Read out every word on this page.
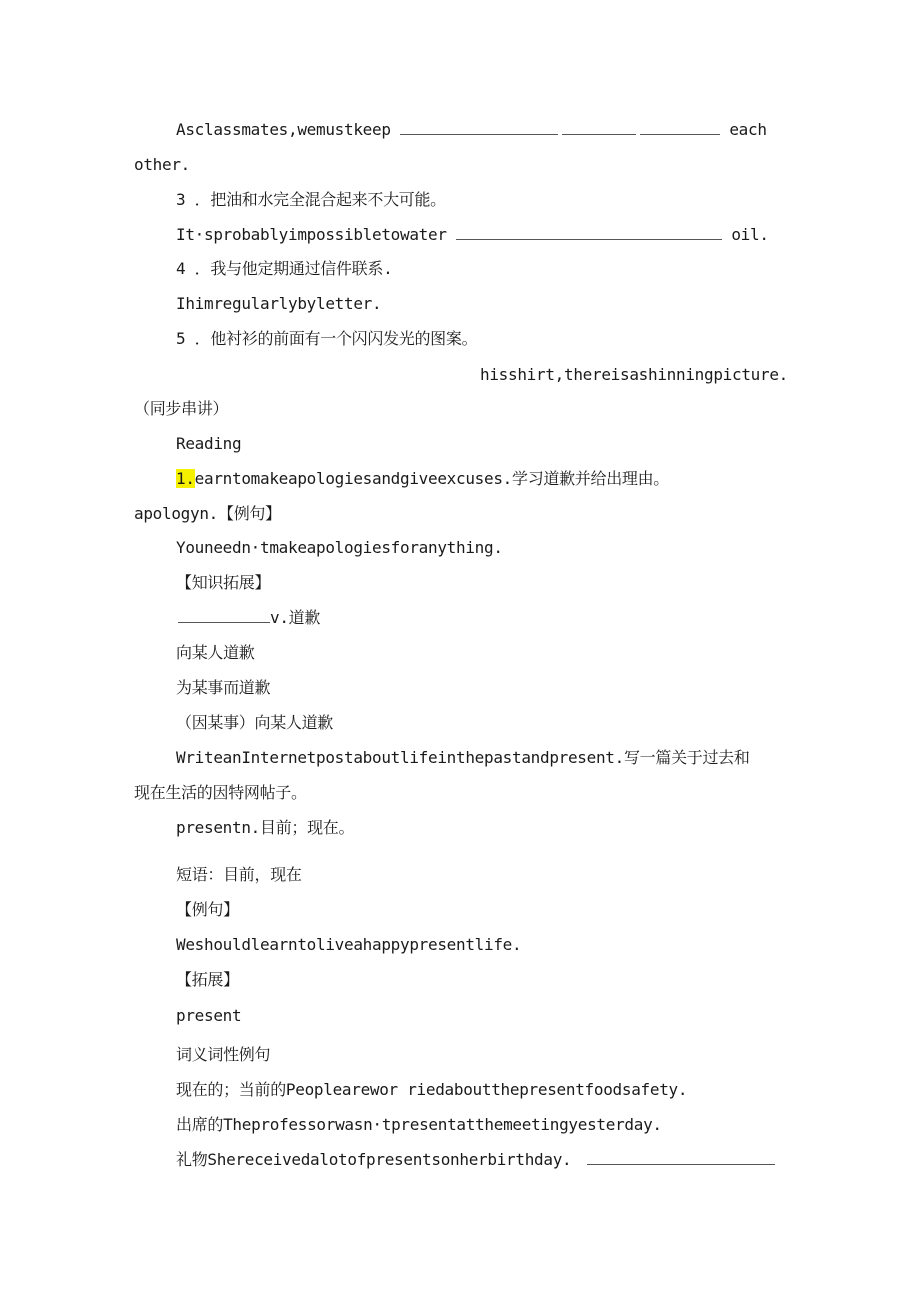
Asclassmates,wemustkeep	each
other.
3 ．把油和水完全混合起来不大可能。
It·sprobablyimpossibletowater	oil.
4 ．我与他定期通过信件联系.
Ihimregularlybyletter.
5 ．他衬衫的前面有一个闪闪发光的图案。
hisshirt,thereisashinningpicture.
（同步串讲）
Reading
1.earntomakeapologiesandgiveexcuses.学习道歉并给出理由。
apologyn.【例句】
Youneedn·tmakeapologiesforanything.
【知识拓展】
v.道歉
向某人道歉
为某事而道歉
（因某事）向某人道歉
WriteanInternetpostaboutlifeinthepastandpresent.写一篇关于过去和
现在生活的因特网帖子。
presentn.目前；现在。
短语：目前，现在
【例句】
Weshouldlearntoliveahappypresentlife.
【拓展】
present
词义词性例句
现在的；当前的Peoplearewor riedaboutthepresentfoodsafety.
出席的Theprofessorwasn·tpresentatthemeetingyesterday.
礼物Shereceivedalotofpresentsonherbirthday.
